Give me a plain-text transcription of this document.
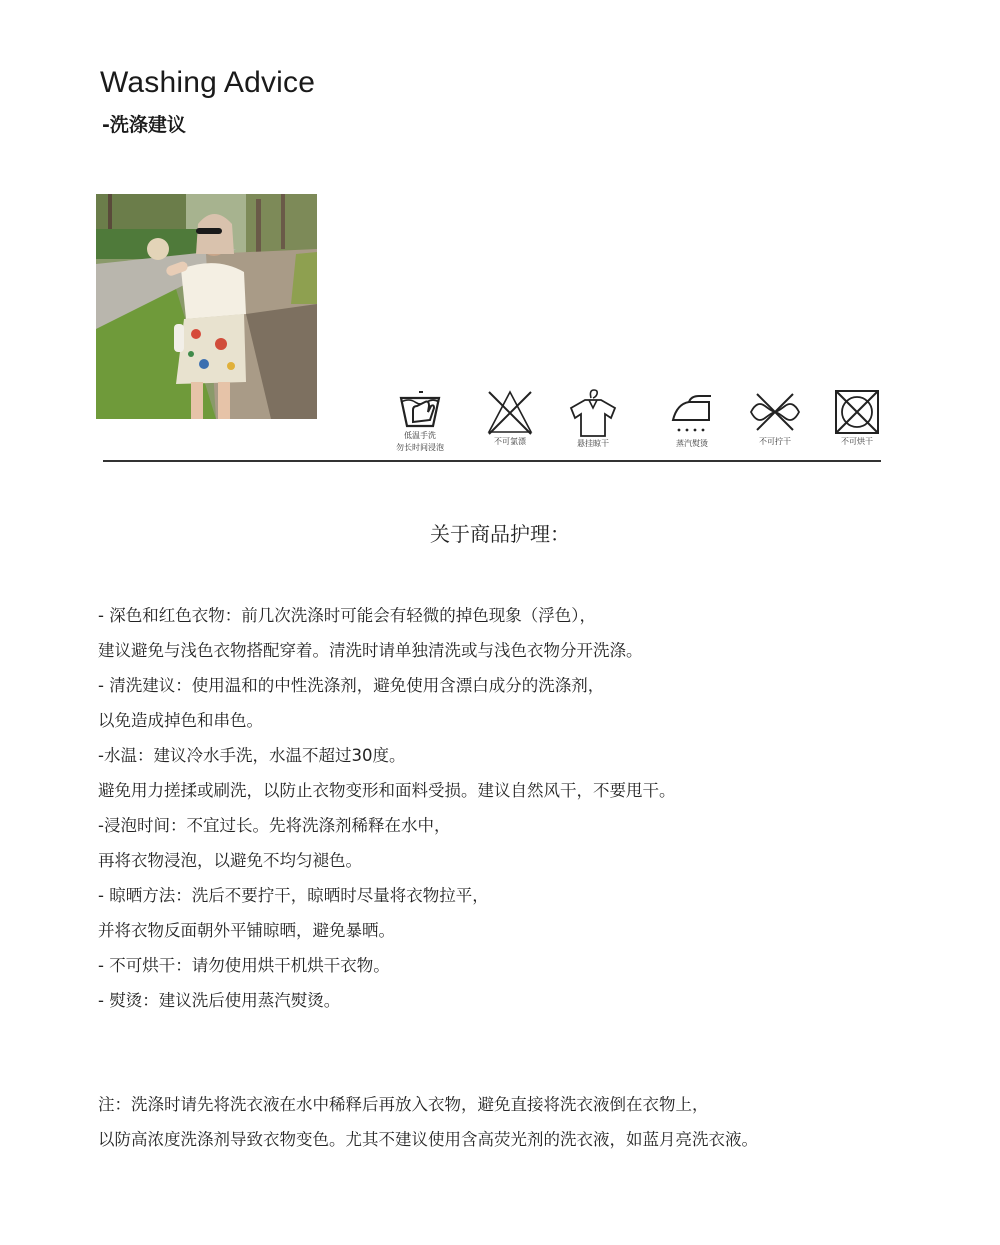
Washing Advice
-洗涤建议
低温手洗
勿长时间浸泡
不可氯漂	悬挂晾干	蒸汽熨烫	不可拧干	不可烘干
关于商品护理：
- 深色和红色衣物：前几次洗涤时可能会有轻微的掉色现象（浮色），
建议避免与浅色衣物搭配穿着。清洗时请单独清洗或与浅色衣物分开洗涤。
- 清洗建议：使用温和的中性洗涤剂，避免使用含漂白成分的洗涤剂，
以免造成掉色和串色。
-水温：建议冷水手洗，水温不超过30度。
避免用力搓揉或刷洗，以防止衣物变形和面料受损。建议自然风干，不要甩干。
-浸泡时间：不宜过长。先将洗涤剂稀释在水中，
再将衣物浸泡，以避免不均匀褪色。
- 晾晒方法：洗后不要拧干，晾晒时尽量将衣物拉平，
并将衣物反面朝外平铺晾晒，避免暴晒。
- 不可烘干：请勿使用烘干机烘干衣物。
- 熨烫：建议洗后使用蒸汽熨烫。
注：洗涤时请先将洗衣液在水中稀释后再放入衣物，避免直接将洗衣液倒在衣物上，
以防高浓度洗涤剂导致衣物变色。尤其不建议使用含高荧光剂的洗衣液，如蓝月亮洗衣液。
